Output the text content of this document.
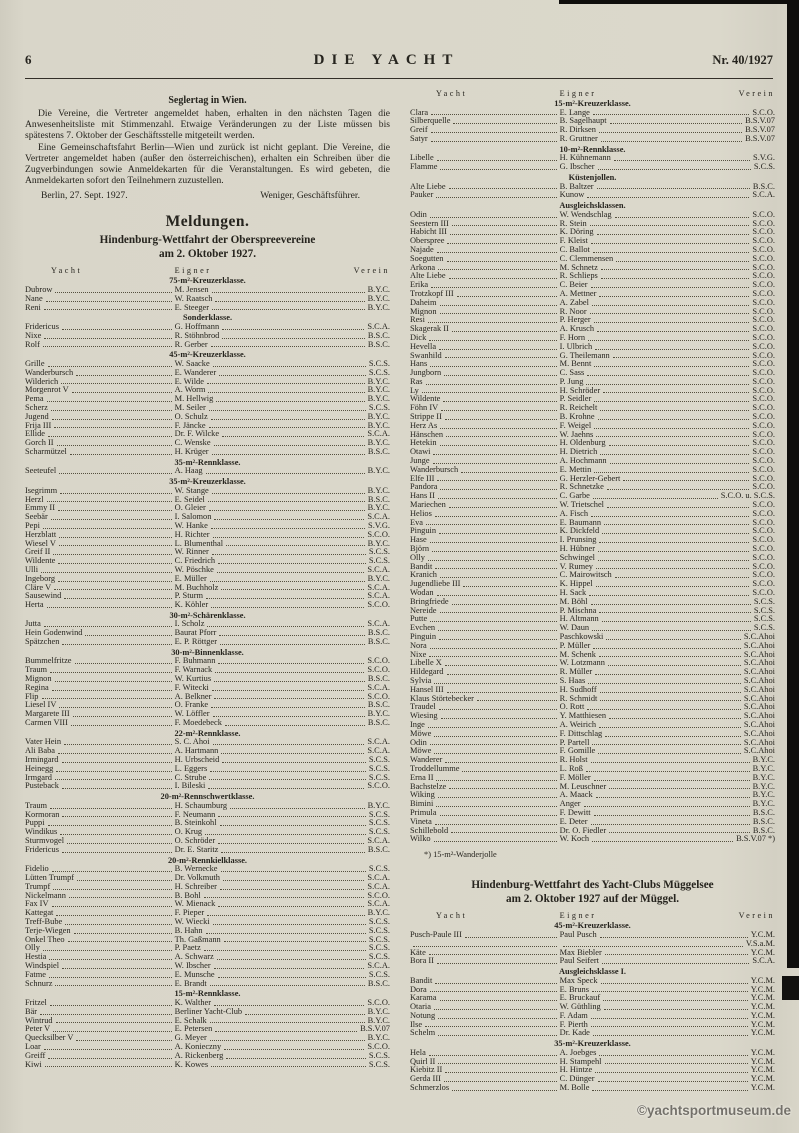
6	DIE YACHT	Nr. 40/1927
Seglertag in Wien.

Die Vereine, die Vertreter angemeldet haben, erhalten in den nächsten Tagen die Anwesenheitsliste mit Stimmenzahl. Etwaige Veränderungen zu der Liste müssen bis spätestens 7. Oktober der Geschäftsstelle mitgeteilt werden.

Eine Gemeinschaftsfahrt Berlin—Wien und zurück ist nicht geplant. Die Vereine, die Vertreter angemeldet haben (außer den österreichischen), erhalten ein Schreiben über die Zugverbindungen sowie Anmeldekarten für die Veranstaltungen. Es wird gebeten, die Anmeldekarten sofort den Teilnehmern zuzustellen.

Berlin, 27. Sept. 1927.	Weniger, Geschäftsführer.
Meldungen.
Hindenburg-Wettfahrt der Oberspreevereine
am 2. Oktober 1927.
Yacht	Eigner	Verein
75-m²-Kreuzerklasse.
Dubrow	M. Jensen	B.Y.C.
Nane	W. Raatsch	B.Y.C.
Reni	E. Steeger	B.Y.C.
Sonderklasse.
Fridericus	G. Hoffmann	S.C.A.
Nixe	R. Stöhnbrod	B.S.C.
Rolf	R. Gerber	B.S.C.
45-m²-Kreuzerklasse.
Grille	W. Saacke	S.C.S.
Wanderbursch	E. Wanderer	S.C.S.
Wilderich	E. Wilde	B.Y.C.
Morgenrot V	A. Worm	B.Y.C.
Pema	M. Hellwig	B.Y.C.
Scherz	M. Seiler	S.C.S.
Jugend	O. Schulz	B.Y.C.
Frija III	F. Jäncke	B.Y.C.
Ellide	Dr. F. Wilcke	S.C.A.
Gorch II	C. Wenske	B.Y.C.
Scharmützel	H. Krüger	B.S.C.
35-m²-Rennklasse.
Seeteufel	A. Haag	B.Y.C.
35-m²-Kreuzerklasse.
Isegrimm	W. Stange	B.Y.C.
Herzl	E. Seidel	B.S.C.
Emmy II	O. Gleier	B.Y.C.
Seebär	I. Salomon	S.C.A.
Pepi	W. Hanke	S.V.G.
Herzblatt	H. Richter	S.C.O.
Wiesel V	L. Blumenthal	B.Y.C.
Greif II	W. Rinner	S.C.S.
Wildente	C. Friedrich	S.C.S.
Ulli	W. Pöschke	S.C.A.
Ingeborg	E. Müller	B.Y.C.
Cläre V	M. Buchholz	S.C.A.
Sausewind	P. Sturm	S.C.A.
Herta	K. Köhler	S.C.O.
30-m²-Schärenklasse.
Jutta	I. Scholz	S.C.A.
Hein Godenwind	Baurat Pforr	B.S.C.
Spätzchen	E. P. Röttger	B.S.C.
30-m²-Binnenklasse.
Bummelfritze	F. Buhmann	S.C.O.
Traum	F. Warnack	S.C.O.
Mignon	W. Kurtius	B.S.C.
Regina	F. Witecki	S.C.A.
Flip	A. Belkner	S.C.O.
Liesel IV	O. Franke	B.S.C.
Margarete III	W. Löffler	B.Y.C.
Carmen VIII	F. Moedebeck	B.S.C.
22-m²-Rennklasse.
Vater Hein	S. C. Ahoi	S.C.A.
Ali Baba	A. Hartmann	S.C.A.
Irmingard	H. Urbscheid	S.C.S.
Heinegg	L. Eggers	S.C.S.
Irmgard	C. Strube	S.C.S.
Pusteback	I. Bileski	S.C.O.
20-m²-Rennschwertklasse.
Traum	H. Schaumburg	B.Y.C.
Kormoran	F. Neumann	S.C.S.
Puppi	B. Steinkohl	S.C.S.
Windikus	O. Krug	S.C.S.
Sturmvogel	O. Schröder	S.C.A.
Fridericus	Dr. E. Staritz	B.S.C.
20-m²-Rennkielklasse.
Fidelio	B. Wernecke	S.C.S.
Lütten Trumpf	Dr. Volkmuth	S.C.A.
Trumpf	H. Schreiber	S.C.A.
Nickelmann	B. Bohl	S.C.O.
Fax IV	W. Mienack	S.C.A.
Kattegat	F. Pieper	B.Y.C.
Treff-Bube	W. Wiecki	S.C.S.
Terje-Wiegen	B. Hahn	S.C.S.
Onkel Theo	Th. Gaßmann	S.C.S.
Olly	P. Paetz	S.C.S.
Hestia	A. Schwarz	S.C.S.
Windspiel	W. Ibscher	S.C.A.
Fatme	E. Munsche	S.C.S.
Schnurz	E. Brandt	B.S.C.
15-m²-Rennklasse.
Fritzel	K. Walther	S.C.O.
Bär	Berliner Yacht-Club	B.Y.C.
Wintrud	E. Schalk	B.Y.C.
Peter V	E. Petersen	B.S.V.07
Quecksilber V	G. Meyer	B.Y.C.
Loar	A. Konieczny	S.C.O.
Greiff	A. Rickenberg	S.C.S.
Kiwi	K. Kowes	S.C.S.
Yacht	Eigner	Verein
15-m²-Kreuzerklasse.
Clara	E. Lange	S.C.O.
Silberquelle	B. Sagelhaupt	B.S.V.07
Greif	R. Dirksen	B.S.V.07
Satyr	R. Gruttner	B.S.V.07
10-m²-Rennklasse.
Libelle	H. Kühnemann	S.V.G.
Flamme	G. Ibscher	S.C.S.
Küstenjollen.
Alte Liebe	B. Baltzer	B.S.C.
Pauker	Kunow	S.C.A.
Ausgleichsklassen.
Odin	W. Wendschlag	S.C.O.
Seestern III	R. Stein	S.C.O.
Habicht III	K. Döring	S.C.O.
Oberspree	F. Kleist	S.C.O.
Najade	C. Ballot	S.C.O.
Soegutten	C. Clemmensen	S.C.O.
Arkona	M. Schnetz	S.C.O.
Alte Liebe	R. Schlieps	S.C.O.
Erika	C. Beier	S.C.O.
Trotzkopf III	A. Mettner	S.C.O.
Daheim	A. Zabel	S.C.O.
Mignon	R. Noor	S.C.O.
Resi	P. Herger	S.C.O.
Skagerak II	A. Krusch	S.C.O.
Dick	F. Horn	S.C.O.
Hevella	I. Ulbrich	S.C.O.
Swanhild	G. Theilemann	S.C.O.
Hans	M. Bennt	S.C.O.
Jungborn	C. Sass	S.C.O.
Ras	P. Jung	S.C.O.
Ly	H. Schröder	S.C.O.
Wildente	P. Seidler	S.C.O.
Föhn IV	R. Reichelt	S.C.O.
Strippe II	B. Krohne	S.C.O.
Herz As	F. Weigel	S.C.O.
Hänschen	W. Jaehns	S.C.O.
Hetekin	H. Oldenburg	S.C.O.
Otawi	H. Dietrich	S.C.O.
Junge	A. Hochmann	S.C.O.
Wanderbursch	E. Mettin	S.C.O.
Elfe III	G. Herzler-Gebert	S.C.O.
Pandora	R. Schnetzke	S.C.O.
Hans II	C. Garbe	S.C.O. u. S.C.S.
Mariechen	W. Trietschel	S.C.O.
Helios	A. Fisch	S.C.O.
Eva	E. Baumann	S.C.O.
Pinguin	K. Dickfeld	S.C.O.
Hase	I. Prunsing	S.C.O.
Björn	H. Hübner	S.C.O.
Olly	Schwingel	S.C.O.
Bandit	V. Rumey	S.C.O.
Kranich	C. Mairowitsch	S.C.O.
Jugendliebe III	K. Hippel	S.C.O.
Wodan	H. Sack	S.C.O.
Bringfriede	M. Böhl	S.C.S.
Nereide	P. Mischna	S.C.S.
Putte	H. Altmann	S.C.S.
Evchen	W. Daun	S.C.S.
Pinguin	Paschkowski	S.C.Ahoi
Nora	P. Müller	S.C.Ahoi
Nixe	M. Schenk	S.C.Ahoi
Libelle X	W. Lotzmann	S.C.Ahoi
Hildegard	R. Müller	S.C.Ahoi
Sylvia	S. Haas	S.C.Ahoi
Hansel III	H. Sudhoff	S.C.Ahoi
Klaus Störtebecker	R. Schmidt	S.C.Ahoi
Traudel	O. Rott	S.C.Ahoi
Wiesing	Y. Matthiesen	S.C.Ahoi
Inge	A. Weirich	S.C.Ahoi
Möwe	F. Dittschlag	S.C.Ahoi
Odin	P. Partell	S.C.Ahoi
Möwe	F. Gomille	S.C.Ahoi
Wanderer	R. Holst	B.Y.C.
Troddellumme	L. Roß	B.Y.C.
Erna II	F. Möller	B.Y.C.
Bachstelze	M. Leuschner	B.Y.C.
Wiking	A. Maack	B.Y.C.
Bimini	Anger	B.Y.C.
Primula	F. Dewitt	B.S.C.
Vineta	E. Deter	B.S.C.
Schillebold	Dr. O. Fiedler	B.S.C.
Wilko	W. Koch	B.S.V.07 *)
*) 15-m²-Wanderjolle
Hindenburg-Wettfahrt des Yacht-Clubs Müggelsee
am 2. Oktober 1927 auf der Müggel.
Yacht	Eigner	Verein
45-m²-Kreuzerklasse.
Pusch-Paule III	Paul Pusch	Y.C.M.
V.S.a.M.
Käte	Max Biebler	Y.C.M.
Bora II	Paul Seifert	S.C.A.
Ausgleichsklasse I.
Bandit	Max Speck	Y.C.M.
Dora	E. Bruns	Y.C.M.
Karama	E. Bruckauf	Y.C.M.
Otaria	W. Güthling	Y.C.M.
Notung	F. Adam	Y.C.M.
Ilse	F. Pierth	Y.C.M.
Schelm	Dr. Kade	Y.C.M.
35-m²-Kreuzerklasse.
Hela	A. Joebges	Y.C.M.
Quirl II	H. Stampehl	Y.C.M.
Kiebitz II	H. Hintze	Y.C.M.
Gerda III	C. Dünger	Y.C.M.
Schmerzlos	M. Bolle	Y.C.M.
©yachtsportmuseum.de
